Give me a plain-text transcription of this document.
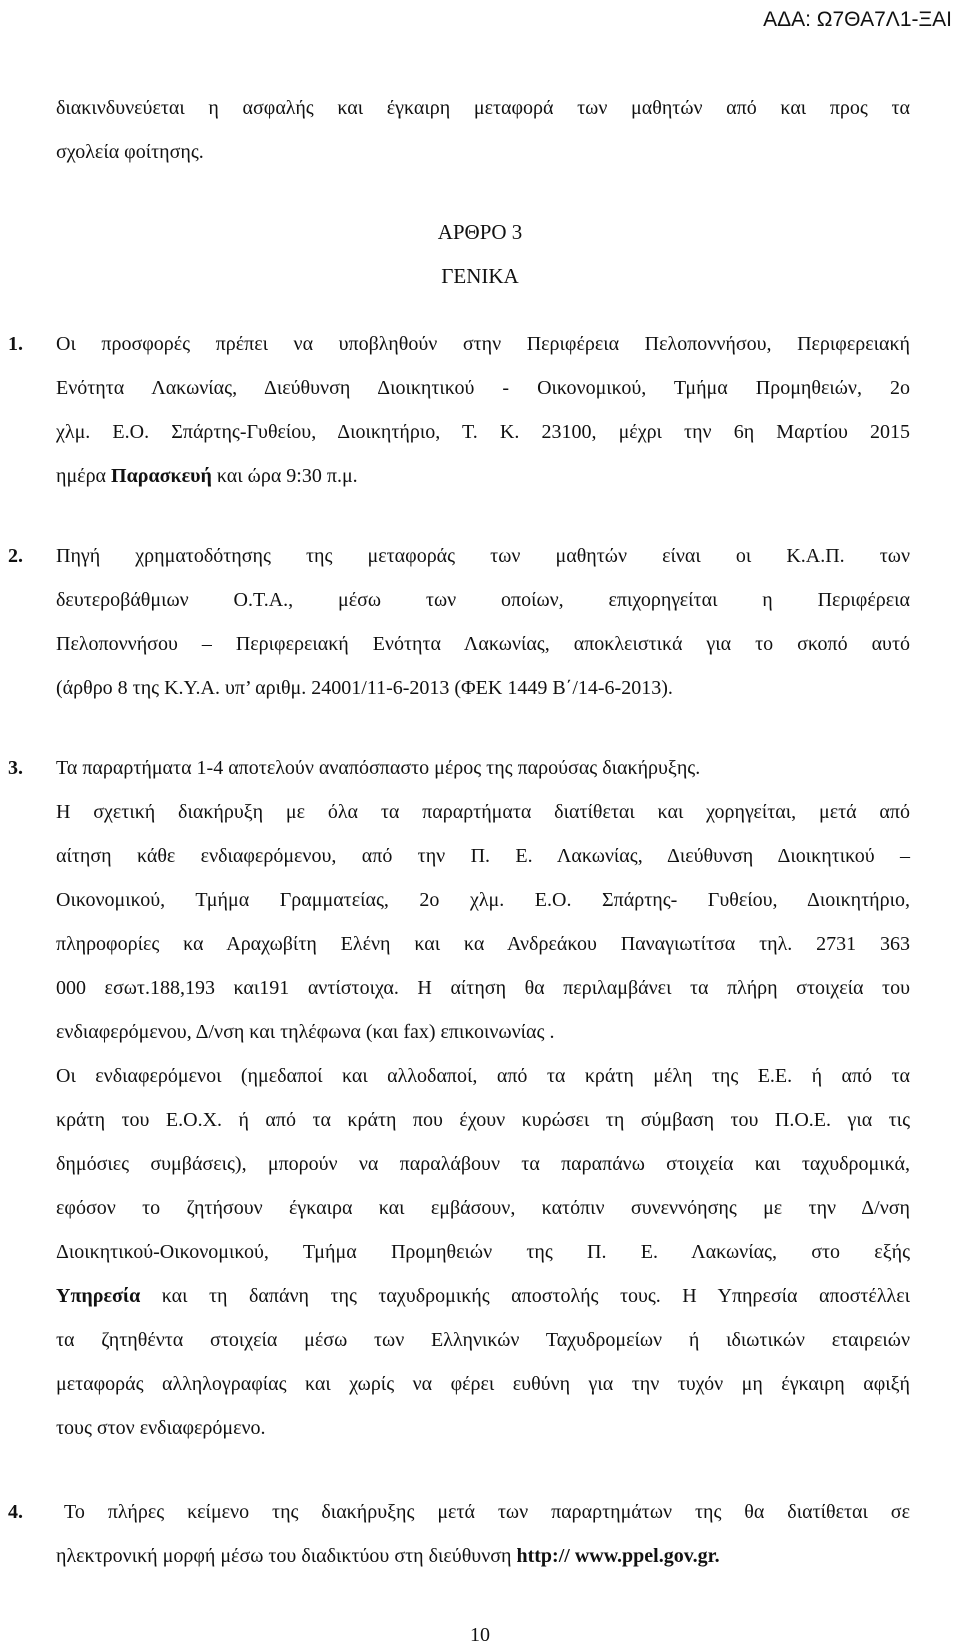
ΑΔΑ: Ω7ΘΑ7Λ1-ΞΑΙ
διακινδυνεύεται η ασφαλής και έγκαιρη μεταφορά των μαθητών από και προς τα
σχολεία φοίτησης.
ΑΡΘΡΟ 3
ΓΕΝΙΚΑ
1. Οι προσφορές πρέπει να υποβληθούν στην Περιφέρεια Πελοποννήσου, Περιφερειακή
Ενότητα Λακωνίας, Διεύθυνση Διοικητικού - Οικονομικού, Τμήμα Προμηθειών, 2ο
χλμ. Ε.Ο. Σπάρτης-Γυθείου, Διοικητήριο, Τ. Κ. 23100, μέχρι την 6η Μαρτίου 2015
ημέρα Παρασκευή και ώρα 9:30 π.μ.
2. Πηγή χρηματοδότησης της μεταφοράς των μαθητών είναι οι Κ.Α.Π. των
δευτεροβάθμιων Ο.Τ.Α., μέσω των οποίων, επιχορηγείται η Περιφέρεια
Πελοποννήσου – Περιφερειακή Ενότητα Λακωνίας, αποκλειστικά για το σκοπό αυτό
(άρθρο 8 της Κ.Υ.Α. υπ’ αριθμ. 24001/11-6-2013 (ΦΕΚ 1449 Β΄/14-6-2013).
3. Τα παραρτήματα 1-4 αποτελούν αναπόσπαστο μέρος της παρούσας διακήρυξης.
Η σχετική διακήρυξη με όλα τα παραρτήματα διατίθεται και χορηγείται, μετά από
αίτηση κάθε ενδιαφερόμενου, από την Π. Ε. Λακωνίας, Διεύθυνση Διοικητικού –
Οικονομικού, Τμήμα Γραμματείας, 2ο χλμ. Ε.Ο. Σπάρτης- Γυθείου, Διοικητήριο,
πληροφορίες κα Αραχωβίτη Ελένη και κα Ανδρεάκου Παναγιωτίτσα τηλ. 2731 363
000 εσωτ.188,193 και191 αντίστοιχα. Η αίτηση θα περιλαμβάνει τα πλήρη στοιχεία του
ενδιαφερόμενου, Δ/νση και τηλέφωνα (και fax) επικοινωνίας .
Οι ενδιαφερόμενοι (ημεδαποί και αλλοδαποί, από τα κράτη μέλη της Ε.Ε. ή από τα
κράτη του Ε.Ο.Χ. ή από τα κράτη που έχουν κυρώσει τη σύμβαση του Π.Ο.Ε. για τις
δημόσιες συμβάσεις), μπορούν να παραλάβουν τα παραπάνω στοιχεία και ταχυδρομικά,
εφόσον το ζητήσουν έγκαιρα και εμβάσουν, κατόπιν συνεννόησης με την Δ/νση
Διοικητικού-Οικονομικού, Τμήμα Προμηθειών της Π. Ε. Λακωνίας, στο εξής
Υπηρεσία και τη δαπάνη της ταχυδρομικής αποστολής τους. Η Υπηρεσία αποστέλλει
τα ζητηθέντα στοιχεία μέσω των Ελληνικών Ταχυδρομείων ή ιδιωτικών εταιρειών
μεταφοράς αλληλογραφίας και χωρίς να φέρει ευθύνη για την τυχόν μη έγκαιρη αφιξή
τους στον ενδιαφερόμενο.
4. Το πλήρες κείμενο της διακήρυξης μετά των παραρτημάτων της θα διατίθεται σε
ηλεκτρονική μορφή μέσω του διαδικτύου στη διεύθυνση http:// www.ppel.gov.gr.
10
